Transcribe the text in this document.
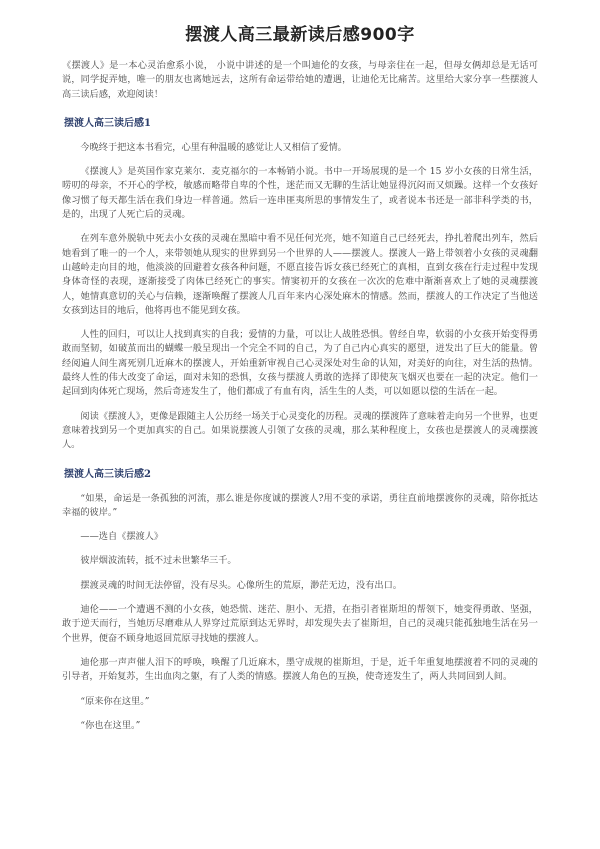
摆渡人高三最新读后感900字

《摆渡人》是一本心灵治愈系小说， 小说中讲述的是一个叫迪伦的女孩，与母亲住在一起，但母女俩却总是无话可说，同学捉弄她，唯一的朋友也离她远去，这所有命运带给她的遭遇，让迪伦无比痛苦。这里给大家分享一些摆渡人高三读后感，欢迎阅读！

摆渡人高三读后感1

今晚终于把这本书看完，心里有种温暖的感觉让人又相信了爱情。

《摆渡人》是英国作家克莱尔．麦克福尔的一本畅销小说。书中一开场展现的是一个 15 岁小女孩的日常生活，唠叨的母亲，不开心的学校，敏感而略带自卑的个性，迷茫而又无聊的生活让她显得沉闷而又烦躁。这样一个女孩好像习惯了每天都生活在我们身边一样普通。然后一连串匪夷所思的事情发生了，或者说本书还是一部非科学类的书，是的，出现了人死亡后的灵魂。

在列车意外脱轨中死去小女孩的灵魂在黑暗中看不见任何光亮，她不知道自己已经死去，挣扎着爬出列车，然后她看到了唯一的一个人，来带领她从现实的世界到另一个世界的人——摆渡人。摆渡人一路上带领着小女孩的灵魂翻山越岭走向目的地，他淡淡的回避着女孩各种问题，不愿直接告诉女孩已经死亡的真相，直到女孩在行走过程中发现身体奇怪的表现，逐渐接受了肉体已经死亡的事实。情窦初开的女孩在一次次的危难中渐渐喜欢上了她的灵魂摆渡人，她情真意切的关心与信赖，逐渐唤醒了摆渡人几百年来内心深处麻木的情感。然而，摆渡人的工作决定了当他送女孩到达目的地后，他将再也不能见到女孩。

人性的回归，可以让人找到真实的自我；爱情的力量，可以让人战胜恐惧。曾经自卑，软弱的小女孩开始变得勇敢而坚韧，如破茧而出的蝴蝶一般呈现出一个完全不同的自己，为了自己内心真实的愿望，迸发出了巨大的能量。曾经阅遍人间生离死别几近麻木的摆渡人，开始重新审视自己心灵深处对生命的认知，对美好的向往，对生活的热情。最终人性的伟大改变了命运，面对未知的恐惧，女孩与摆渡人勇敢的选择了即使灰飞烟灭也要在一起的决定。他们一起回到肉体死亡现场，然后奇迹发生了，他们都成了有血有肉，活生生的人类，可以如愿以偿的生活在一起。

阅读《摆渡人》，更像是跟随主人公历经一场关于心灵变化的历程。灵魂的摆渡阵了意味着走向另一个世界，也更意味着找到另一个更加真实的自己。如果说摆渡人引领了女孩的灵魂，那么某种程度上，女孩也是摆渡人的灵魂摆渡人。

摆渡人高三读后感2

“如果，命运是一条孤独的河流，那么谁是你度诚的摆渡人?用不变的承诺，勇往直前地摆渡你的灵魂，陪你抵达幸福的彼岸。”

——选自《摆渡人》

彼岸烟波流转，抵不过未世繁华三千。

摆渡灵魂的时间无法停留，没有尽头。心像所生的荒原，渺茫无边，没有出口。

迪伦——一个遭遇不测的小女孩，她恐慌、迷茫、胆小、无措，在指引者崔斯坦的帮领下，她变得勇敢、坚强，敢于逆天而行，当她历尽磨难从人界穿过荒原到达无界时，却发现失去了崔斯坦，自己的灵魂只能孤独地生活在另一个世界，便奋不顾身地返回荒原寻找她的摆渡人。

迪伦那一声声催人泪下的呼唤，唤醒了几近麻木，墨守成规的崔斯坦，于是，近千年重复地摆渡着不同的灵魂的引导者，开始复苏，生出血肉之躯，有了人类的情感。摆渡人角色的互换，使奇迹发生了，两人共同回到人间。

“原来你在这里。”

“你也在这里。”
